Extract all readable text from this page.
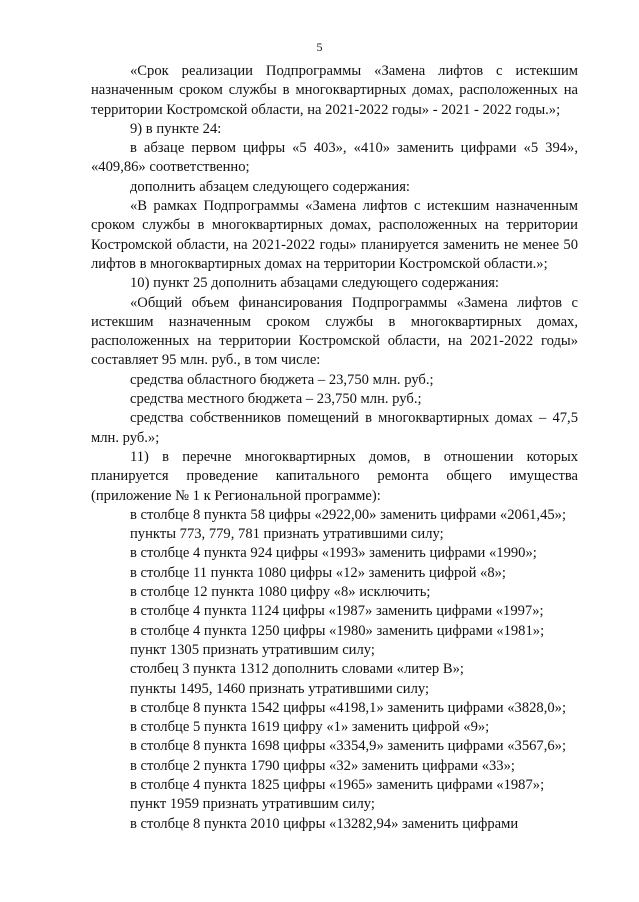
5

«Срок реализации Подпрограммы «Замена лифтов с истекшим назначенным сроком службы в многоквартирных домах, расположенных на территории Костромской области, на 2021-2022 годы» - 2021 - 2022 годы.»;

9) в пункте 24:

в абзаце первом цифры «5 403», «410» заменить цифрами «5 394», «409,86» соответственно;

дополнить абзацем следующего содержания:

«В рамках Подпрограммы «Замена лифтов с истекшим назначенным сроком службы в многоквартирных домах, расположенных на территории Костромской области, на 2021-2022 годы» планируется заменить не менее 50 лифтов в многоквартирных домах на территории Костромской области.»;

10) пункт 25 дополнить абзацами следующего содержания:

«Общий объем финансирования Подпрограммы «Замена лифтов с истекшим назначенным сроком службы в многоквартирных домах, расположенных на территории Костромской области, на 2021-2022 годы» составляет 95 млн. руб., в том числе:

средства областного бюджета – 23,750 млн. руб.;

средства местного бюджета – 23,750 млн. руб.;

средства собственников помещений в многоквартирных домах – 47,5 млн. руб.»;

11) в перечне многоквартирных домов, в отношении которых планируется проведение капитального ремонта общего имущества (приложение № 1 к Региональной программе):

в столбце 8 пункта 58 цифры «2922,00» заменить цифрами «2061,45»;

пункты 773, 779, 781 признать утратившими силу;

в столбце 4 пункта 924 цифры «1993» заменить цифрами «1990»;

в столбце 11 пункта 1080 цифры «12» заменить цифрой «8»;

в столбце 12 пункта 1080 цифру «8» исключить;

в столбце 4 пункта 1124 цифры «1987» заменить цифрами «1997»;

в столбце 4 пункта 1250 цифры «1980» заменить цифрами «1981»;

пункт 1305 признать утратившим силу;

столбец 3 пункта 1312 дополнить словами «литер В»;

пункты 1495, 1460 признать утратившими силу;

в столбце 8 пункта 1542 цифры «4198,1» заменить цифрами «3828,0»;

в столбце 5 пункта 1619 цифру «1» заменить цифрой «9»;

в столбце 8 пункта 1698 цифры «3354,9» заменить цифрами «3567,6»;

в столбце 2 пункта 1790 цифры «32» заменить цифрами «33»;

в столбце 4 пункта 1825 цифры «1965» заменить цифрами «1987»;

пункт 1959 признать утратившим силу;

в столбце 8 пункта 2010 цифры «13282,94» заменить цифрами
